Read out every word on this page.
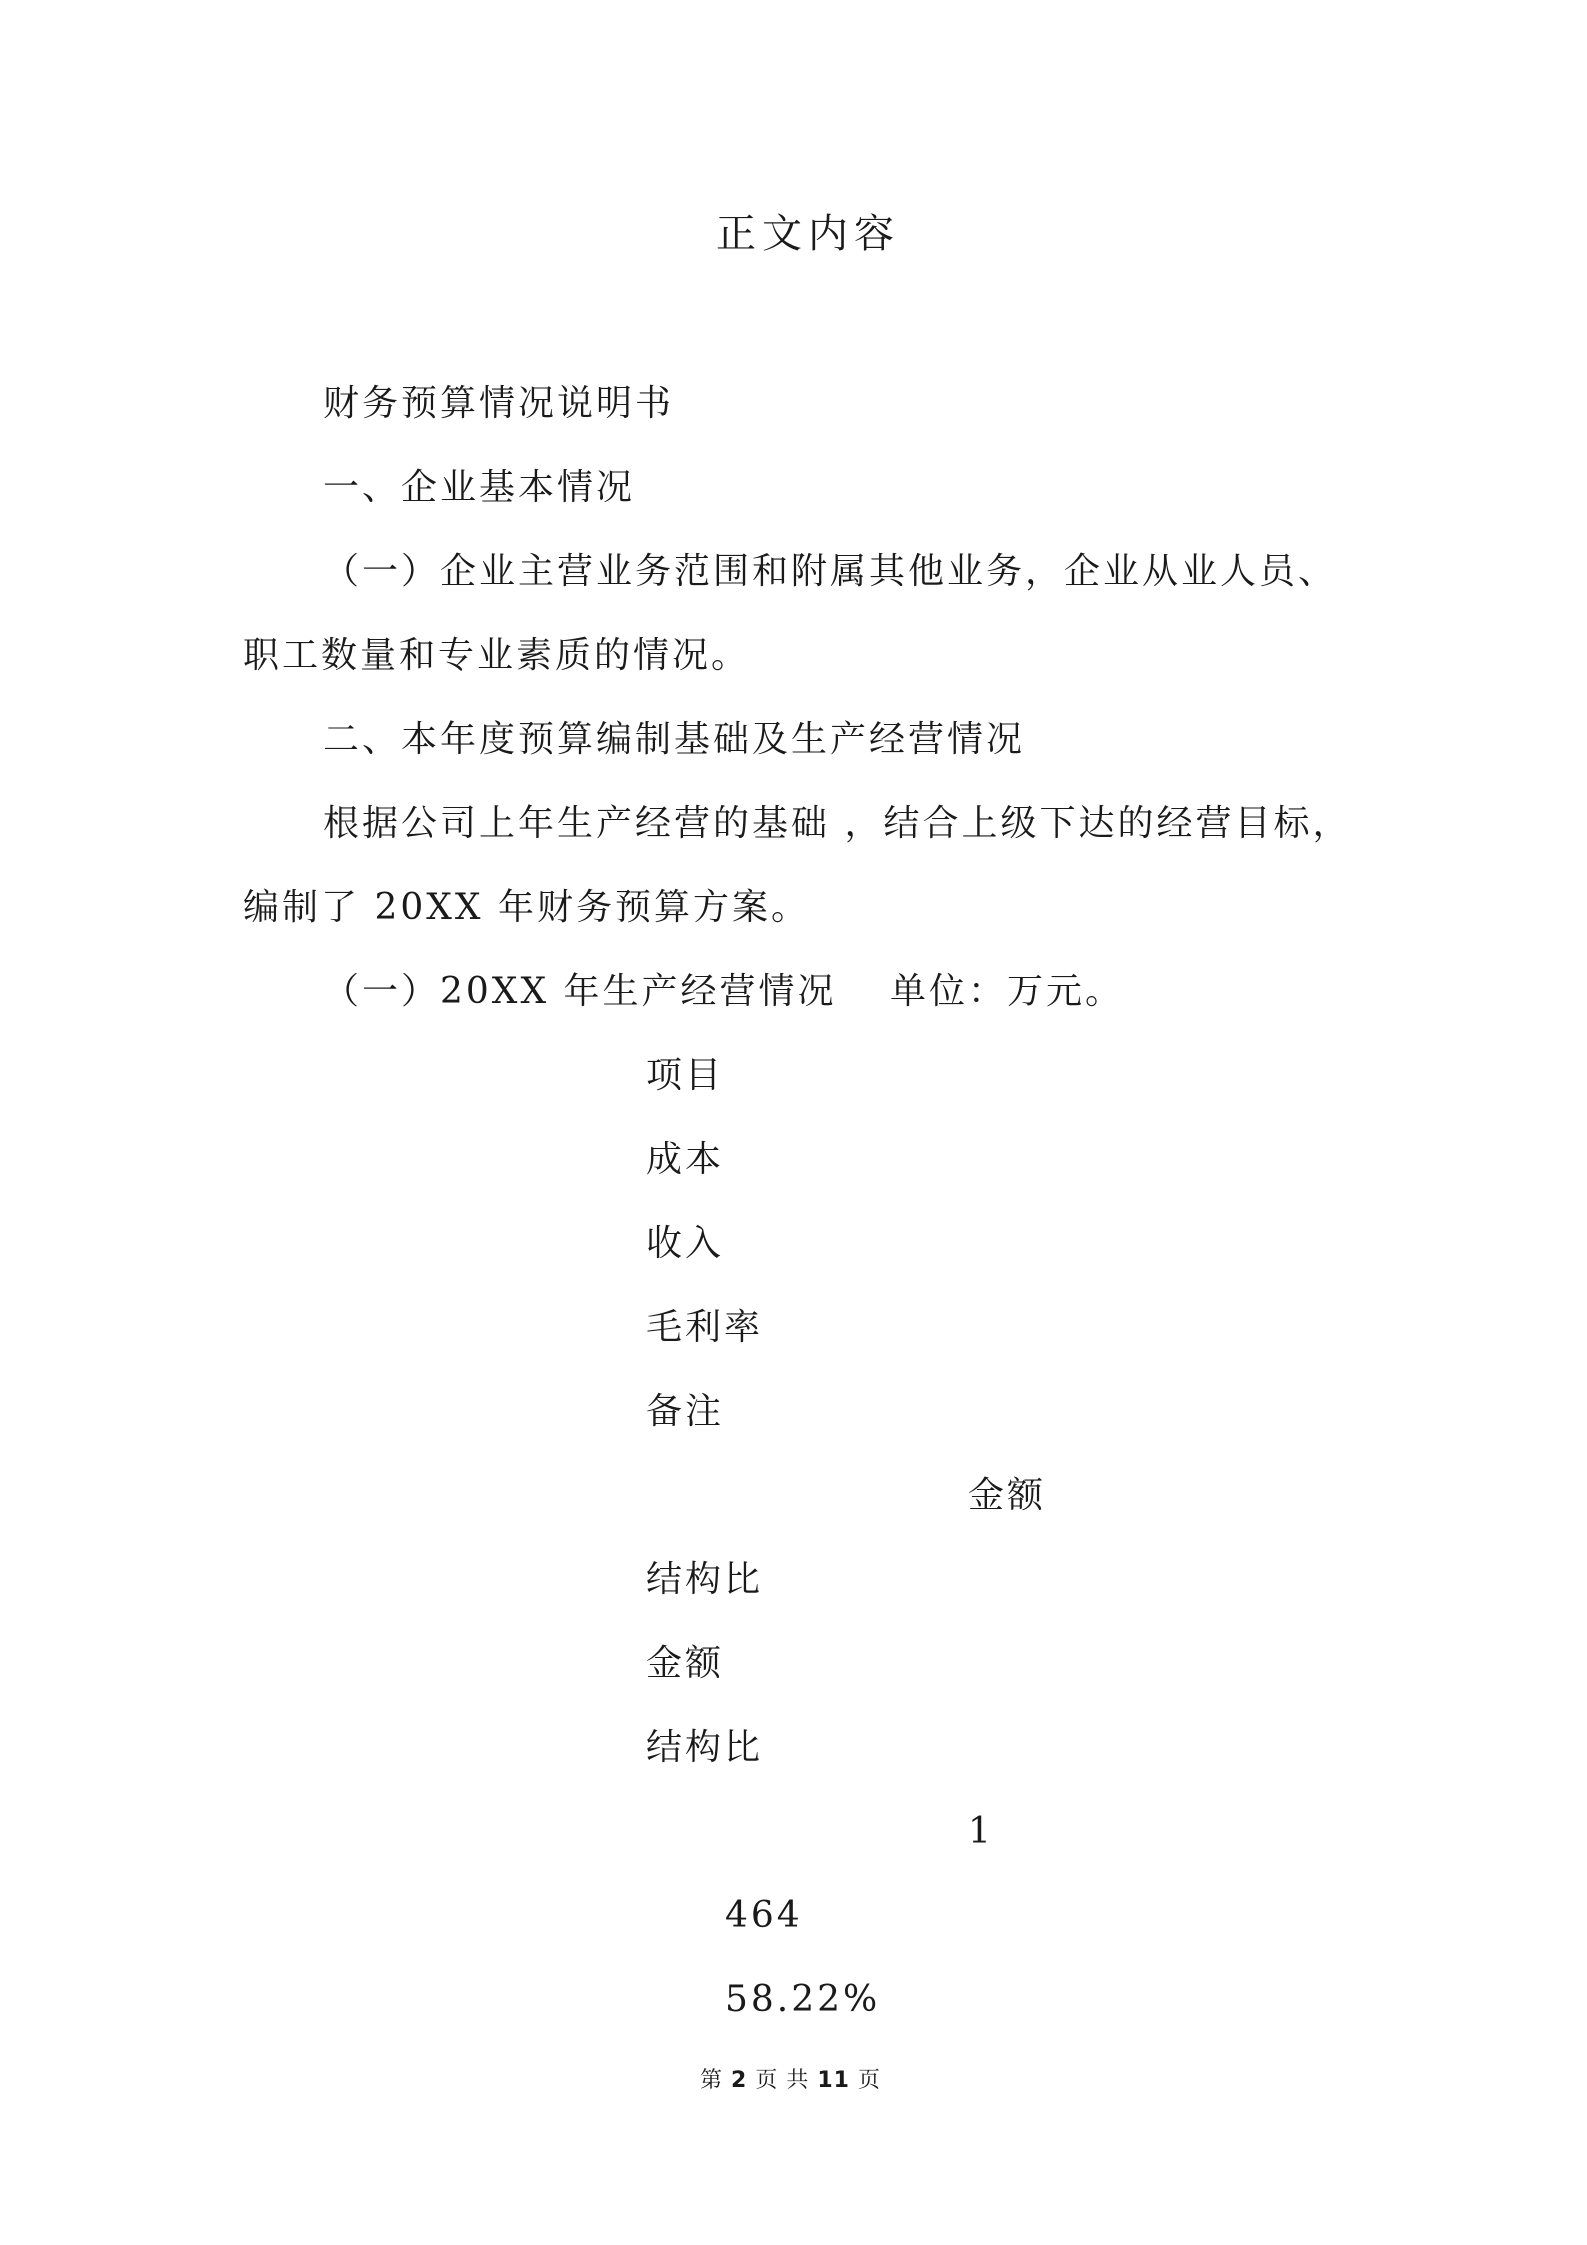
正文内容
财务预算情况说明书
一、企业基本情况
（一）企业主营业务范围和附属其他业务，企业从业人员、
职工数量和专业素质的情况。
二、本年度预算编制基础及生产经营情况
根据公司上年生产经营的基础 ，结合上级下达的经营目标，
编制了 20XX 年财务预算方案。
（一）20XX 年生产经营情况　 单位：万元。
项目
成本
收入
毛利率
备注
金额
结构比
金额
结构比
1
464
58.22%
第 2 页 共 11 页
